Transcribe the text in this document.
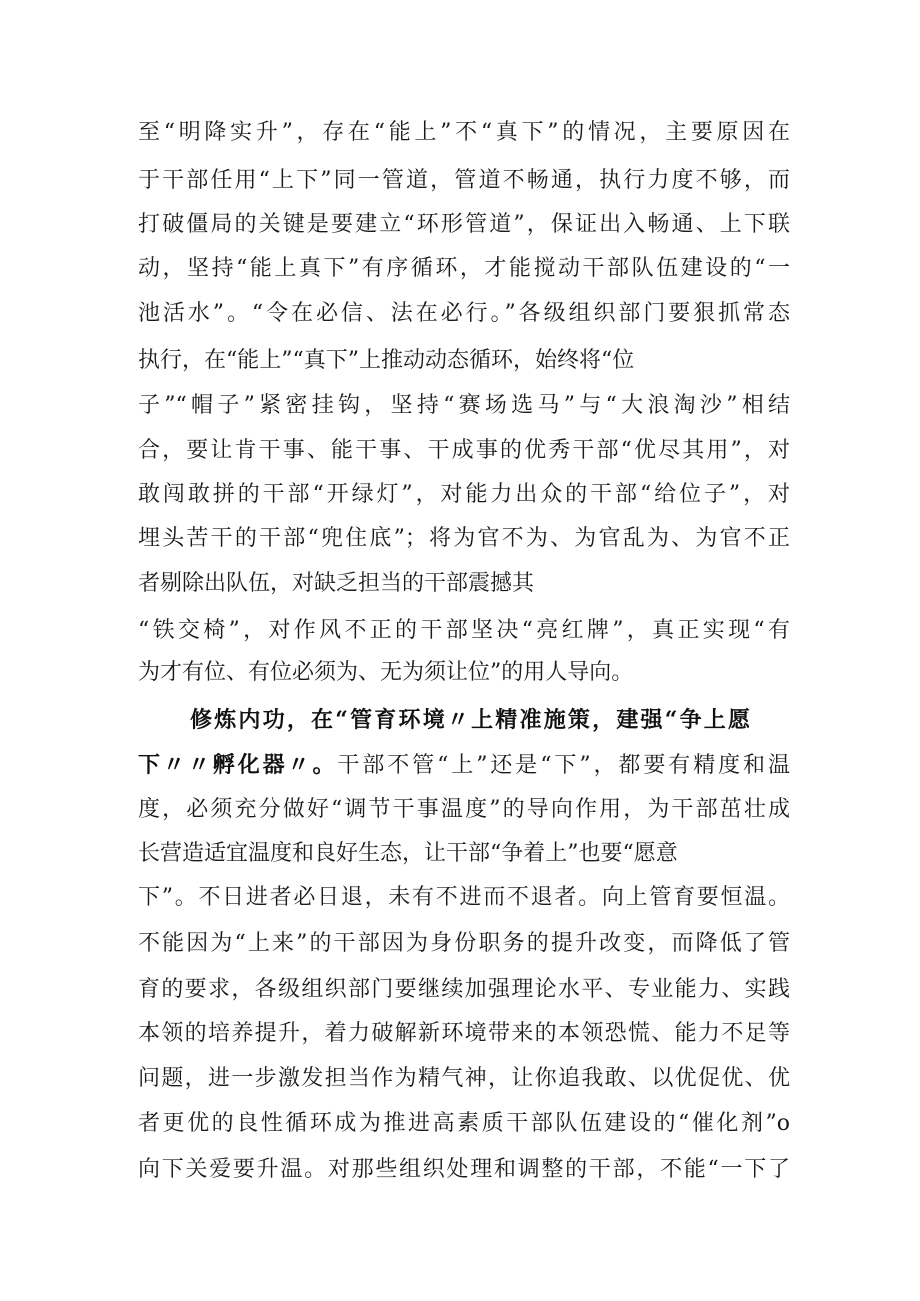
至“明降实升”，存在“能上”不“真下”的情况，主要原因在
于干部任用“上下”同一管道，管道不畅通，执行力度不够，而
打破僵局的关键是要建立“环形管道”，保证出入畅通、上下联
动，坚持“能上真下”有序循环，才能搅动干部队伍建设的“一
池活水”。“令在必信、法在必行。”各级组织部门要狠抓常态
执行，在“能上”“真下”上推动动态循环，始终将“位
子”“帽子”紧密挂钩，坚持“赛场选马”与“大浪淘沙”相结
合，要让肯干事、能干事、干成事的优秀干部“优尽其用”，对
敢闯敢拼的干部“开绿灯”，对能力出众的干部“给位子”，对
埋头苦干的干部“兜住底”；将为官不为、为官乱为、为官不正
者剔除出队伍，对缺乏担当的干部震撼其
“铁交椅”，对作风不正的干部坚决“亮红牌”，真正实现“有
为才有位、有位必须为、无为须让位”的用人导向。
修炼内功，在“管育环境〃上精准施策，建强“争上愿
下〃〃孵化器〃。干部不管“上”还是“下”，都要有精度和温
度，必须充分做好“调节干事温度”的导向作用，为干部茁壮成
长营造适宜温度和良好生态，让干部“争着上”也要“愿意
下”。不日进者必日退，未有不进而不退者。向上管育要恒温。
不能因为“上来”的干部因为身份职务的提升改变，而降低了管
育的要求，各级组织部门要继续加强理论水平、专业能力、实践
本领的培养提升，着力破解新环境带来的本领恐慌、能力不足等
问题，进一步激发担当作为精气神，让你追我敢、以优促优、优
者更优的良性循环成为推进高素质干部队伍建设的“催化剂”o
向下关爱要升温。对那些组织处理和调整的干部，不能“一下了
